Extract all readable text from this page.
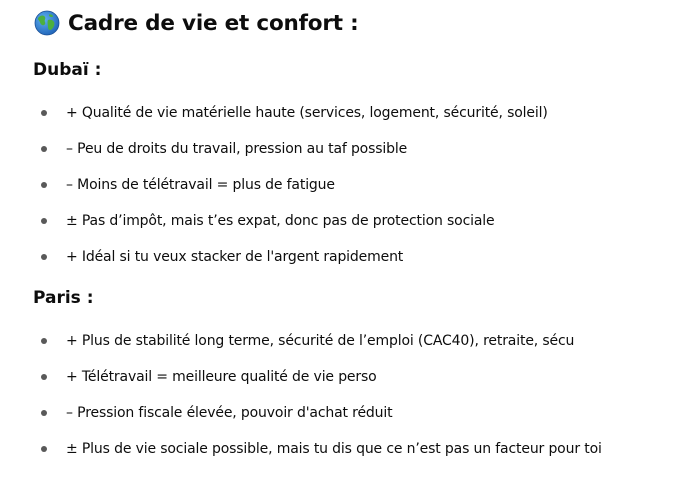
Cadre de vie et confort :
Dubaï :
+ Qualité de vie matérielle haute (services, logement, sécurité, soleil)
– Peu de droits du travail, pression au taf possible
– Moins de télétravail = plus de fatigue
± Pas d’impôt, mais t’es expat, donc pas de protection sociale
+ Idéal si tu veux stacker de l'argent rapidement
Paris :
+ Plus de stabilité long terme, sécurité de l’emploi (CAC40), retraite, sécu
+ Télétravail = meilleure qualité de vie perso
– Pression fiscale élevée, pouvoir d'achat réduit
± Plus de vie sociale possible, mais tu dis que ce n’est pas un facteur pour toi
